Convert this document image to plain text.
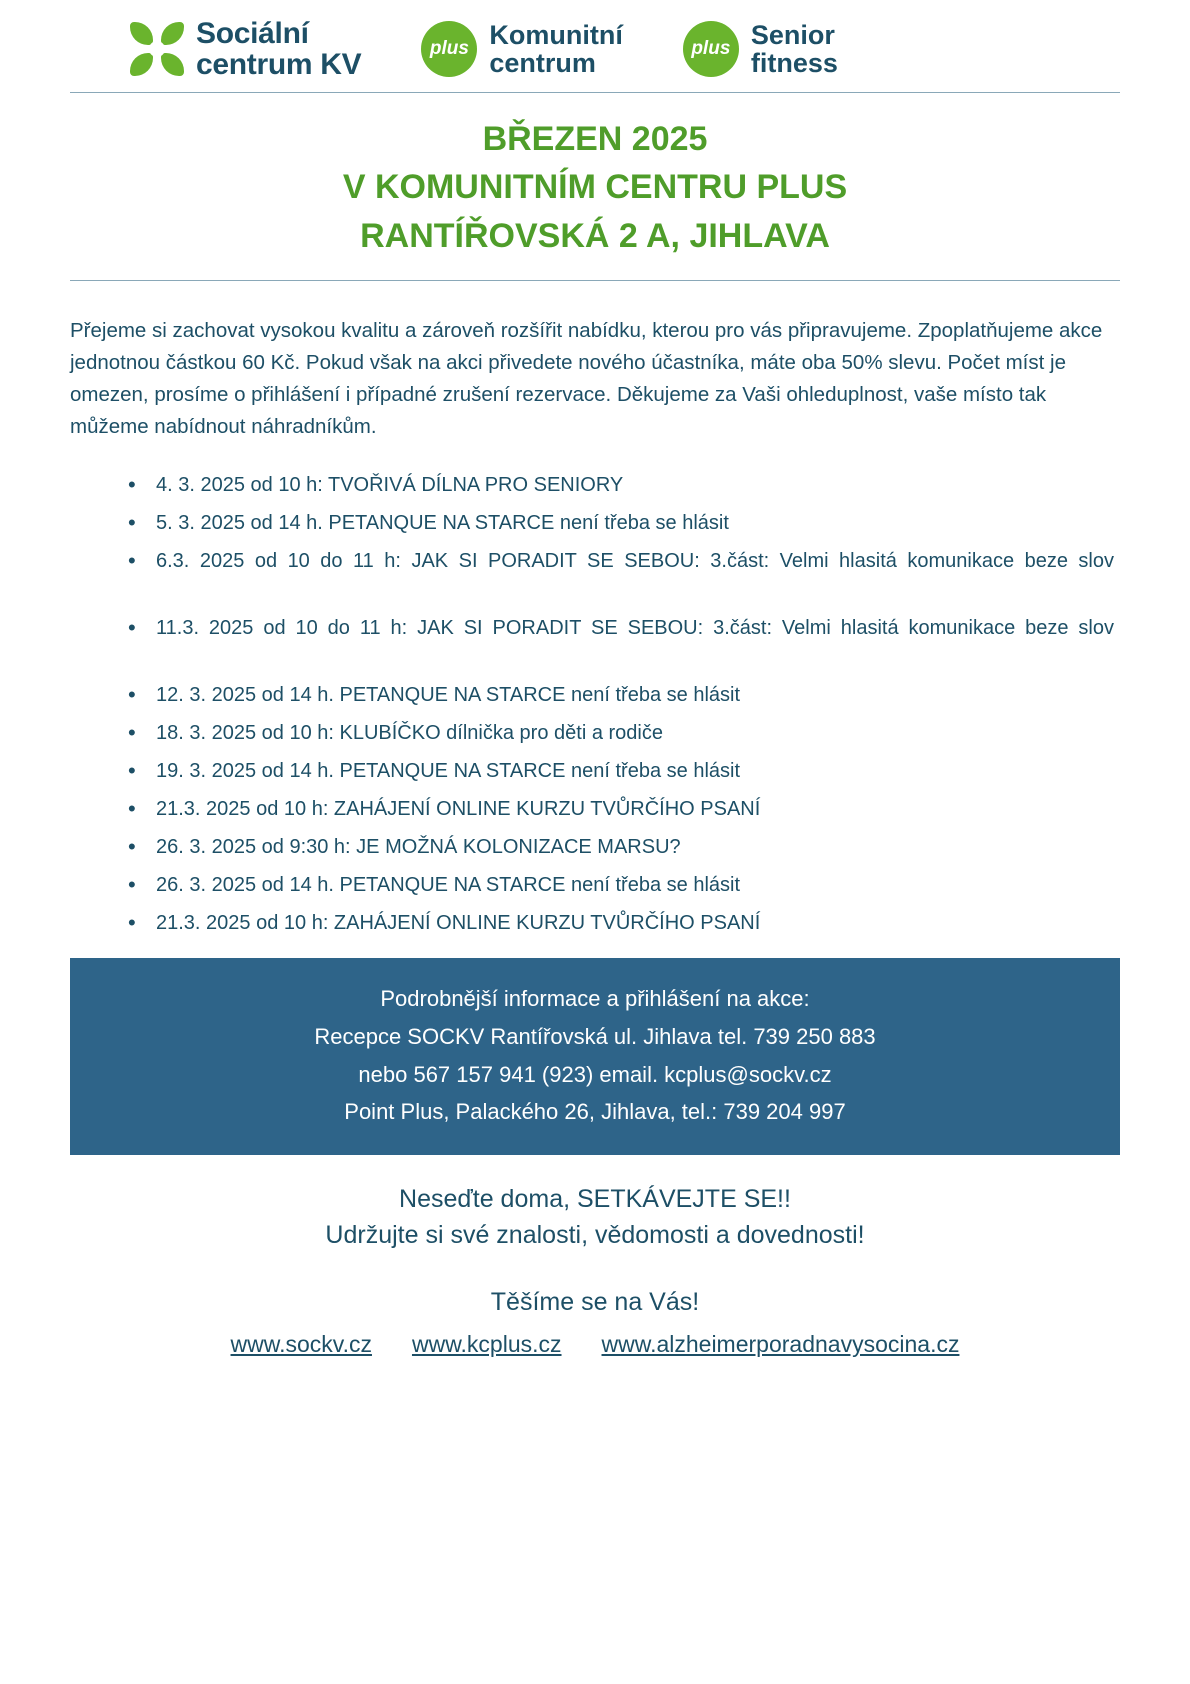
Sociální
centrum KV	plus Komunitní
centrum	plus Senior
fitness
BŘEZEN 2025
V KOMUNITNÍM CENTRU PLUS
RANTÍŘOVSKÁ 2 A, JIHLAVA

Přejeme si zachovat vysokou kvalitu a zároveň rozšířit nabídku, kterou pro vás připravujeme. Zpoplatňujeme akce jednotnou částkou 60 Kč. Pokud však na akci přivedete nového účastníka, máte oba 50% slevu. Počet míst je omezen, prosíme o přihlášení i případné zrušení rezervace. Děkujeme za Vaši ohleduplnost, vaše místo tak můžeme nabídnout náhradníkům.

• 4. 3. 2025 od 10 h: TVOŘIVÁ DÍLNA PRO SENIORY
• 5. 3. 2025 od 14 h. PETANQUE NA STARCE není třeba se hlásit
• 6.3. 2025 od 10 do 11 h: JAK SI PORADIT SE SEBOU: 3.část: Velmi hlasitá komunikace beze slov
• 11.3. 2025 od 10 do 11 h: JAK SI PORADIT SE SEBOU: 3.část: Velmi hlasitá komunikace beze slov
• 12. 3. 2025 od 14 h. PETANQUE NA STARCE není třeba se hlásit
• 18. 3. 2025 od 10 h: KLUBÍČKO dílnička pro děti a rodiče
• 19. 3. 2025 od 14 h. PETANQUE NA STARCE není třeba se hlásit
• 21.3. 2025 od 10 h: ZAHÁJENÍ ONLINE KURZU TVŮRČÍHO PSANÍ
• 26. 3. 2025 od 9:30 h: JE MOŽNÁ KOLONIZACE MARSU?
• 26. 3. 2025 od 14 h. PETANQUE NA STARCE není třeba se hlásit
• 21.3. 2025 od 10 h: ZAHÁJENÍ ONLINE KURZU TVŮRČÍHO PSANÍ
Podrobnější informace a přihlášení na akce:
Recepce SOCKV Rantířovská ul. Jihlava tel. 739 250 883
nebo 567 157 941 (923) email. kcplus@sockv.cz
Point Plus, Palackého 26, Jihlava, tel.: 739 204 997
Neseďte doma, SETKÁVEJTE SE!!
Udržujte si své znalosti, vědomosti a dovednosti!
Těšíme se na Vás!
www.sockv.cz www.kcplus.cz www.alzheimerporadnavysocina.cz
